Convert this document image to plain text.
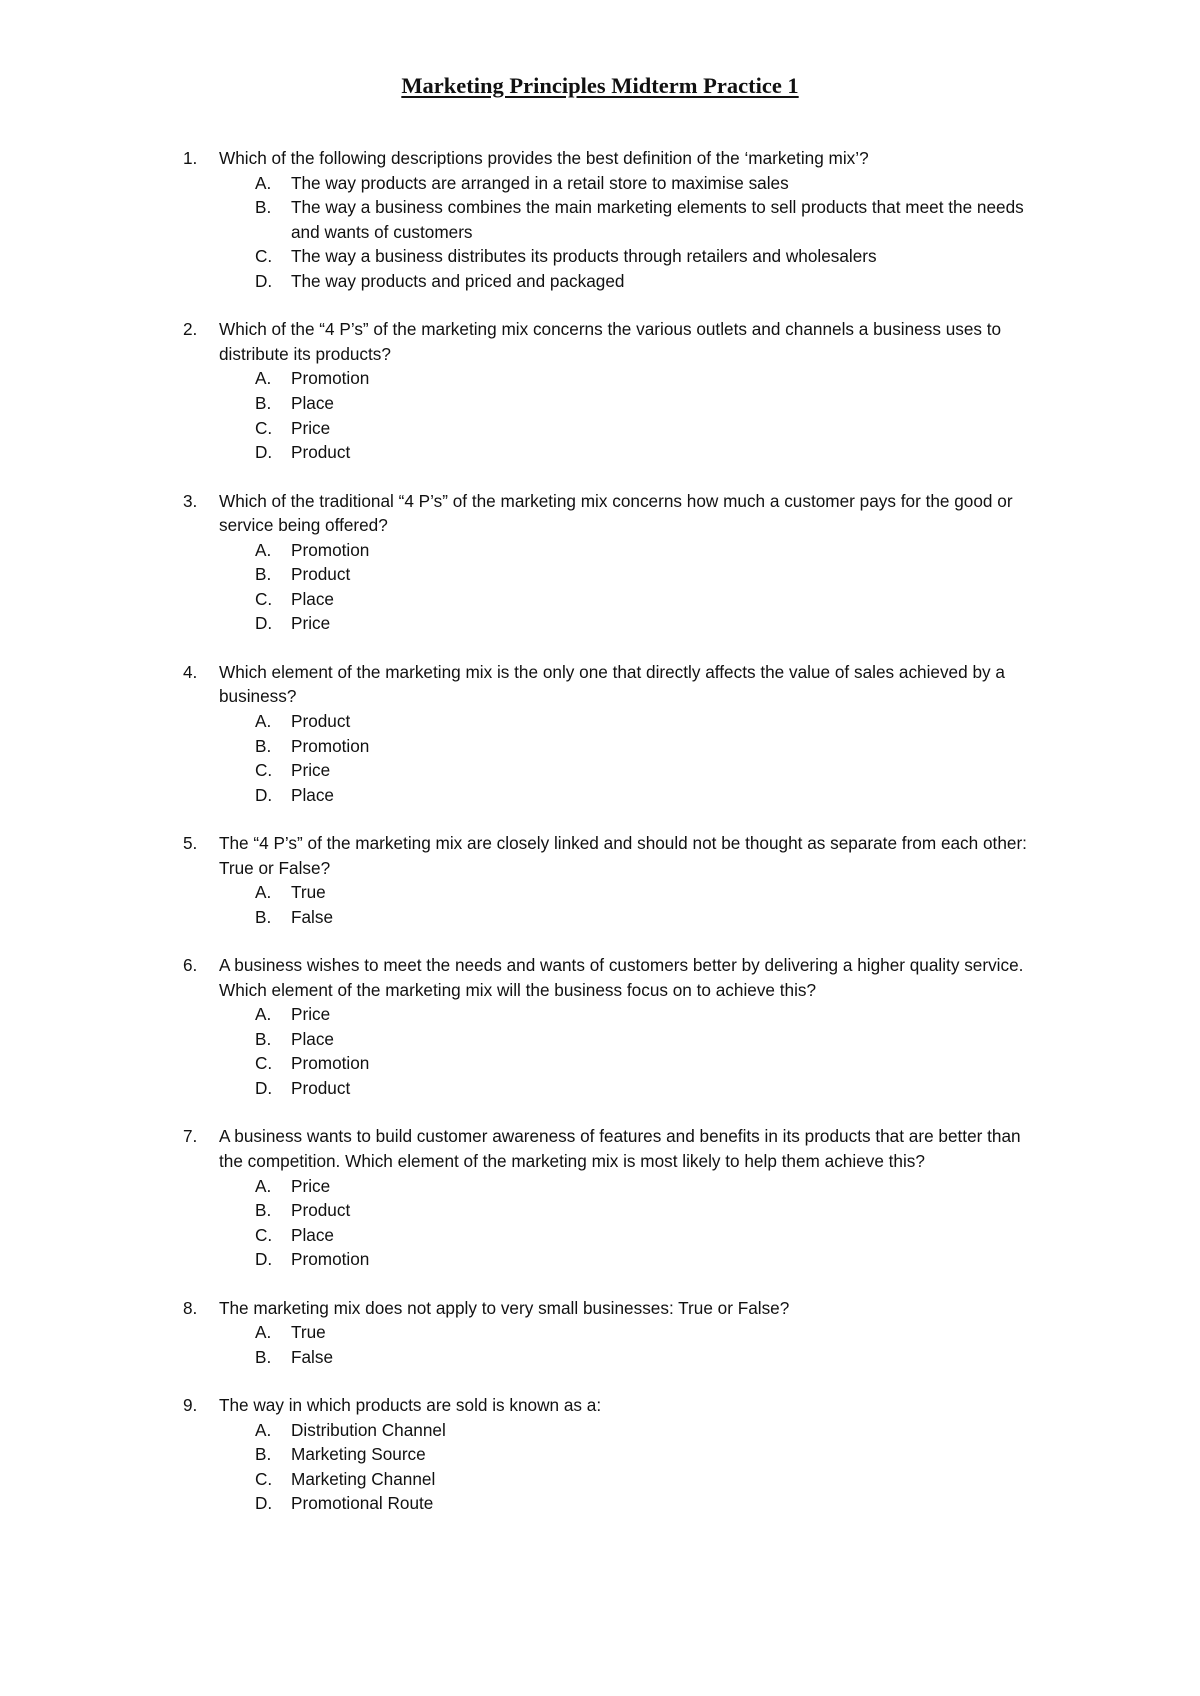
Marketing Principles Midterm Practice 1
1. Which of the following descriptions provides the best definition of the ‘marketing mix’?
A. The way products are arranged in a retail store to maximise sales
B. The way a business combines the main marketing elements to sell products that meet the needs and wants of customers
C. The way a business distributes its products through retailers and wholesalers
D. The way products and priced and packaged
2. Which of the “4 P’s” of the marketing mix concerns the various outlets and channels a business uses to distribute its products?
A. Promotion
B. Place
C. Price
D. Product
3. Which of the traditional “4 P’s” of the marketing mix concerns how much a customer pays for the good or service being offered?
A. Promotion
B. Product
C. Place
D. Price
4. Which element of the marketing mix is the only one that directly affects the value of sales achieved by a business?
A. Product
B. Promotion
C. Price
D. Place
5. The “4 P’s” of the marketing mix are closely linked and should not be thought as separate from each other: True or False?
A. True
B. False
6. A business wishes to meet the needs and wants of customers better by delivering a higher quality service. Which element of the marketing mix will the business focus on to achieve this?
A. Price
B. Place
C. Promotion
D. Product
7. A business wants to build customer awareness of features and benefits in its products that are better than the competition. Which element of the marketing mix is most likely to help them achieve this?
A. Price
B. Product
C. Place
D. Promotion
8. The marketing mix does not apply to very small businesses: True or False?
A. True
B. False
9. The way in which products are sold is known as a:
A. Distribution Channel
B. Marketing Source
C. Marketing Channel
D. Promotional Route
